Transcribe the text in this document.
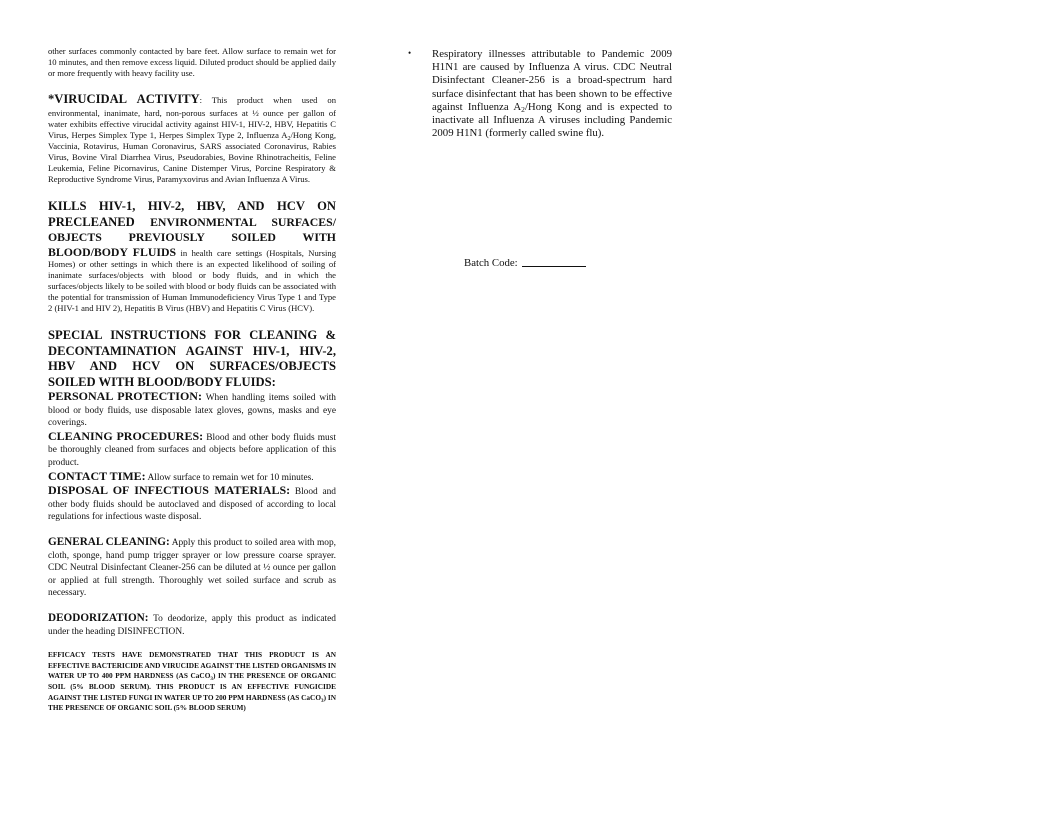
other surfaces commonly contacted by bare feet. Allow surface to remain wet for 10 minutes, and then remove excess liquid. Diluted product should be applied daily or more frequently with heavy facility use.

*VIRUCIDAL ACTIVITY: This product when used on environmental, inanimate, hard, non-porous surfaces at ½ ounce per gallon of water exhibits effective virucidal activity against HIV-1, HIV-2, HBV, Hepatitis C Virus, Herpes Simplex Type 1, Herpes Simplex Type 2, Influenza $A_2$/Hong Kong, Vaccinia, Rotavirus, Human Coronavirus, SARS associated Coronavirus, Rabies Virus, Bovine Viral Diarrhea Virus, Pseudorabies, Bovine Rhinotracheitis, Feline Leukemia, Feline Picornavirus, Canine Distemper Virus, Porcine Respiratory & Reproductive Syndrome Virus, Paramyxovirus and Avian Influenza A Virus.

KILLS HIV-1, HIV-2, HBV, AND HCV ON PRECLEANED ENVIRONMENTAL SURFACES/ OBJECTS PREVIOUSLY SOILED WITH BLOOD/BODY FLUIDS in health care settings (Hospitals, Nursing Homes) or other settings in which there is an expected likelihood of soiling of inanimate surfaces/objects with blood or body fluids, and in which the surfaces/objects likely to be soiled with blood or body fluids can be associated with the potential for transmission of Human Immunodeficiency Virus Type 1 and Type 2 (HIV-1 and HIV 2), Hepatitis B Virus (HBV) and Hepatitis C Virus (HCV).

SPECIAL INSTRUCTIONS FOR CLEANING & DECONTAMINATION AGAINST HIV-1, HIV-2, HBV AND HCV ON SURFACES/OBJECTS SOILED WITH BLOOD/BODY FLUIDS:

PERSONAL PROTECTION: When handling items soiled with blood or body fluids, use disposable latex gloves, gowns, masks and eye coverings.

CLEANING PROCEDURES: Blood and other body fluids must be thoroughly cleaned from surfaces and objects before application of this product.

CONTACT TIME: Allow surface to remain wet for 10 minutes.

DISPOSAL OF INFECTIOUS MATERIALS: Blood and other body fluids should be autoclaved and disposed of according to local regulations for infectious waste disposal.

GENERAL CLEANING: Apply this product to soiled area with mop, cloth, sponge, hand pump trigger sprayer or low pressure coarse sprayer. CDC Neutral Disinfectant Cleaner-256 can be diluted at ½ ounce per gallon or applied at full strength. Thoroughly wet soiled surface and scrub as necessary.

DEODORIZATION: To deodorize, apply this product as indicated under the heading DISINFECTION.

EFFICACY TESTS HAVE DEMONSTRATED THAT THIS PRODUCT IS AN EFFECTIVE BACTERICIDE AND VIRUCIDE AGAINST THE LISTED ORGANISMS IN WATER UP TO 400 PPM HARDNESS (AS CaCO$_3$) IN THE PRESENCE OF ORGANIC SOIL (5% BLOOD SERUM). THIS PRODUCT IS AN EFFECTIVE FUNGICIDE AGAINST THE LISTED FUNGI IN WATER UP TO 200 PPM HARDNESS (AS CaCO$_3$) IN THE PRESENCE OF ORGANIC SOIL (5% BLOOD SERUM)

• Respiratory illnesses attributable to Pandemic 2009 H1N1 are caused by Influenza A virus. CDC Neutral Disinfectant Cleaner-256 is a broad-spectrum hard surface disinfectant that has been shown to be effective against Influenza $A_2$/Hong Kong and is expected to inactivate all Influenza A viruses including Pandemic 2009 H1N1 (formerly called swine flu).

Batch Code:
